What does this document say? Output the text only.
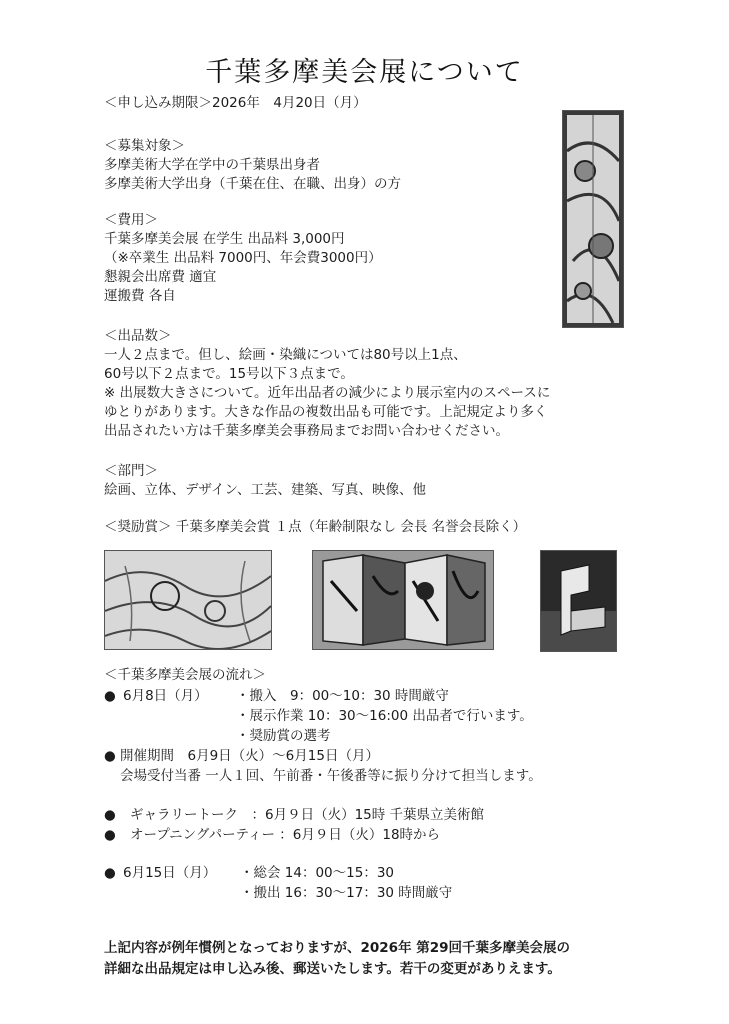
千葉多摩美会展について
＜申し込み期限＞2026年　4月20日（月）
＜募集対象＞
多摩美術大学在学中の千葉県出身者
多摩美術大学出身（千葉在住、在職、出身）の方
＜費用＞
千葉多摩美会展 在学生 出品料 3,000円
（※卒業生 出品料 7000円、年会費3000円）
懇親会出席費 適宜
運搬費 各自
＜出品数＞
一人２点まで。但し、絵画・染織については80号以上1点、
60号以下２点まで。15号以下３点まで。
※ 出展数大きさについて。近年出品者の減少により展示室内のスペースに
ゆとりがあります。大きな作品の複数出品も可能です。上記規定より多く
出品されたい方は千葉多摩美会事務局までお問い合わせください。
＜部門＞
絵画、立体、デザイン、工芸、建築、写真、映像、他
＜奨励賞＞ 千葉多摩美会賞 １点（年齢制限なし 会長 名誉会長除く）
＜千葉多摩美会展の流れ＞
● 6月8日（月） ・搬入　9：00〜10：30 時間厳守
・展示作業 10：30〜16:00 出品者で行います。
・奨励賞の選考
● 開催期間　6月9日（火）〜6月15日（月）
会場受付当番 一人１回、午前番・午後番等に振り分けて担当します。
● ギャラリートーク　：6月９日（火）15時 千葉県立美術館
● オープニングパーティー ：6月９日（火）18時から
● 6月15日（月） ・総会 14：00〜15：30
・搬出 16：30〜17：30 時間厳守
上記内容が例年慣例となっておりますが、2026年 第29回千葉多摩美会展の
詳細な出品規定は申し込み後、郵送いたします。若干の変更がありえます。
